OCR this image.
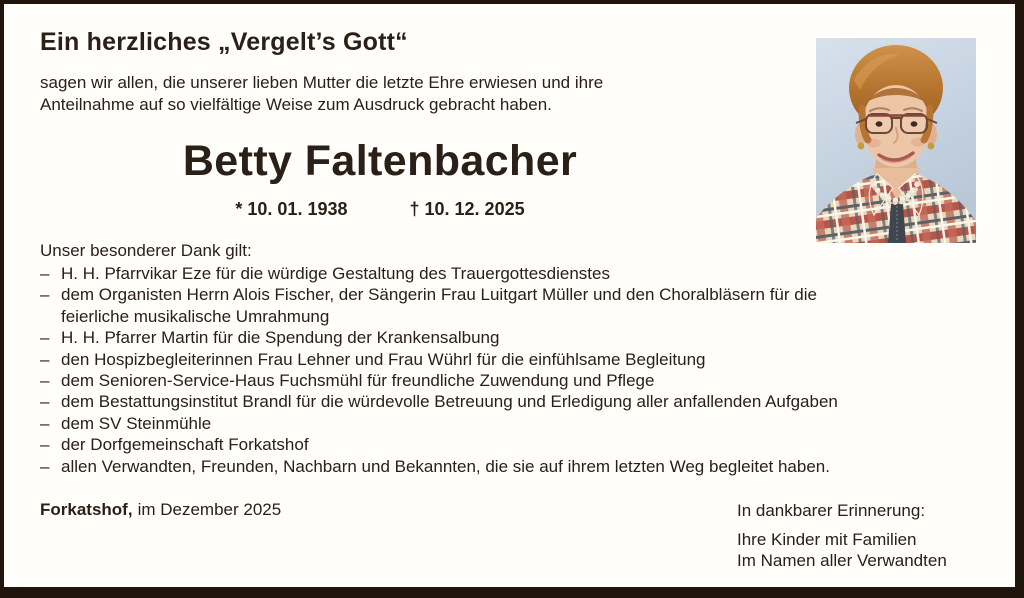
Ein herzliches „Vergelt’s Gott“
sagen wir allen, die unserer lieben Mutter die letzte Ehre erwiesen und ihre
Anteilnahme auf so vielfältige Weise zum Ausdruck gebracht haben.
Betty Faltenbacher
* 10. 01. 1938	† 10. 12. 2025
Unser besonderer Dank gilt:
– H. H. Pfarrvikar Eze für die würdige Gestaltung des Trauergottesdienstes
– dem Organisten Herrn Alois Fischer, der Sängerin Frau Luitgart Müller und den Choralbläsern für die
feierliche musikalische Umrahmung
– H. H. Pfarrer Martin für die Spendung der Krankensalbung
– den Hospizbegleiterinnen Frau Lehner und Frau Wührl für die einfühlsame Begleitung
– dem Senioren-Service-Haus Fuchsmühl für freundliche Zuwendung und Pflege
– dem Bestattungsinstitut Brandl für die würdevolle Betreuung und Erledigung aller anfallenden Aufgaben
– dem SV Steinmühle
– der Dorfgemeinschaft Forkatshof
– allen Verwandten, Freunden, Nachbarn und Bekannten, die sie auf ihrem letzten Weg begleitet haben.
Forkatshof, im Dezember 2025	In dankbarer Erinnerung:
Ihre Kinder mit Familien
Im Namen aller Verwandten
